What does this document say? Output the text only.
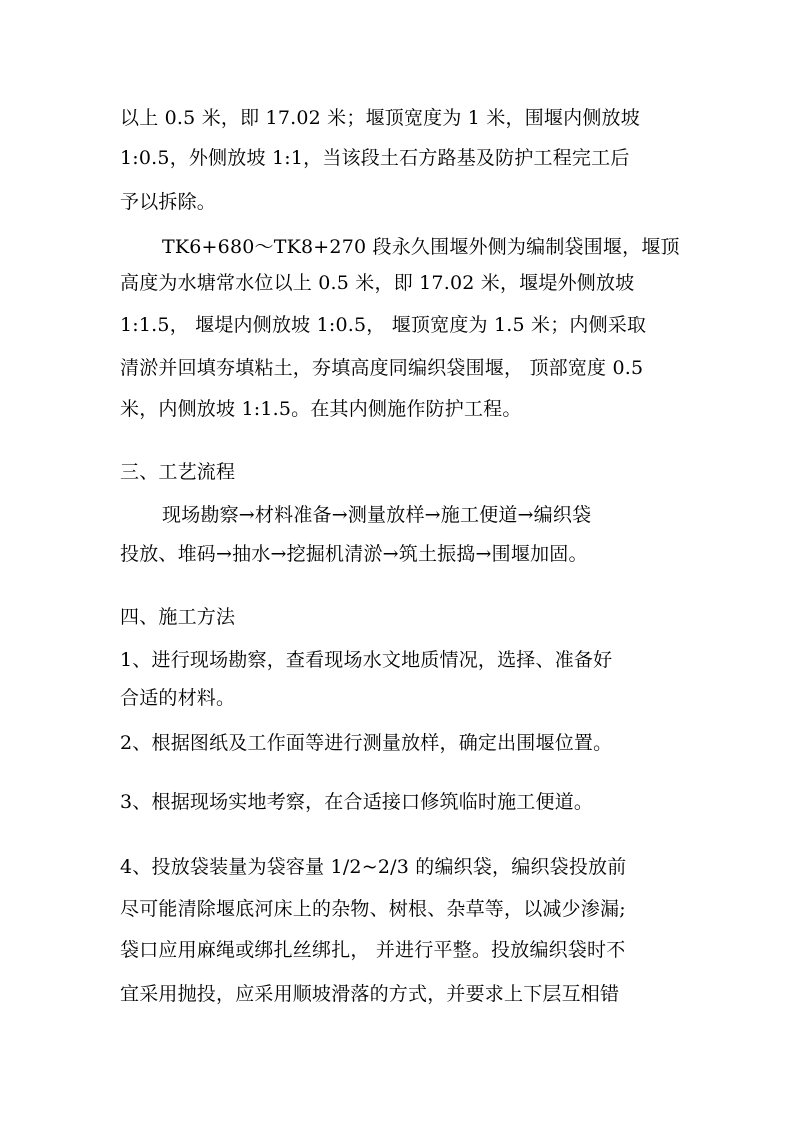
以上 0.5 米，即 17.02 米；堰顶宽度为 1 米，围堰内侧放坡
1:0.5，外侧放坡 1:1，当该段土石方路基及防护工程完工后
予以拆除。
TK6+680～TK8+270 段永久围堰外侧为编制袋围堰，堰顶
高度为水塘常水位以上 0.5 米，即 17.02 米，堰堤外侧放坡
1:1.5， 堰堤内侧放坡 1:0.5， 堰顶宽度为 1.5 米；内侧采取
清淤并回填夯填粘土，夯填高度同编织袋围堰， 顶部宽度 0.5
米，内侧放坡 1:1.5。在其内侧施作防护工程。
三、工艺流程
现场勘察→材料准备→测量放样→施工便道→编织袋
投放、堆码→抽水→挖掘机清淤→筑土振捣→围堰加固。
四、施工方法
1、进行现场勘察，查看现场水文地质情况，选择、准备好
合适的材料。
2、根据图纸及工作面等进行测量放样，确定出围堰位置。
3、根据现场实地考察，在合适接口修筑临时施工便道。
4、投放袋装量为袋容量 1/2~2/3 的编织袋，编织袋投放前
尽可能清除堰底河床上的杂物、树根、杂草等，以减少渗漏;
袋口应用麻绳或绑扎丝绑扎， 并进行平整。投放编织袋时不
宜采用抛投，应采用顺坡滑落的方式，并要求上下层互相错
